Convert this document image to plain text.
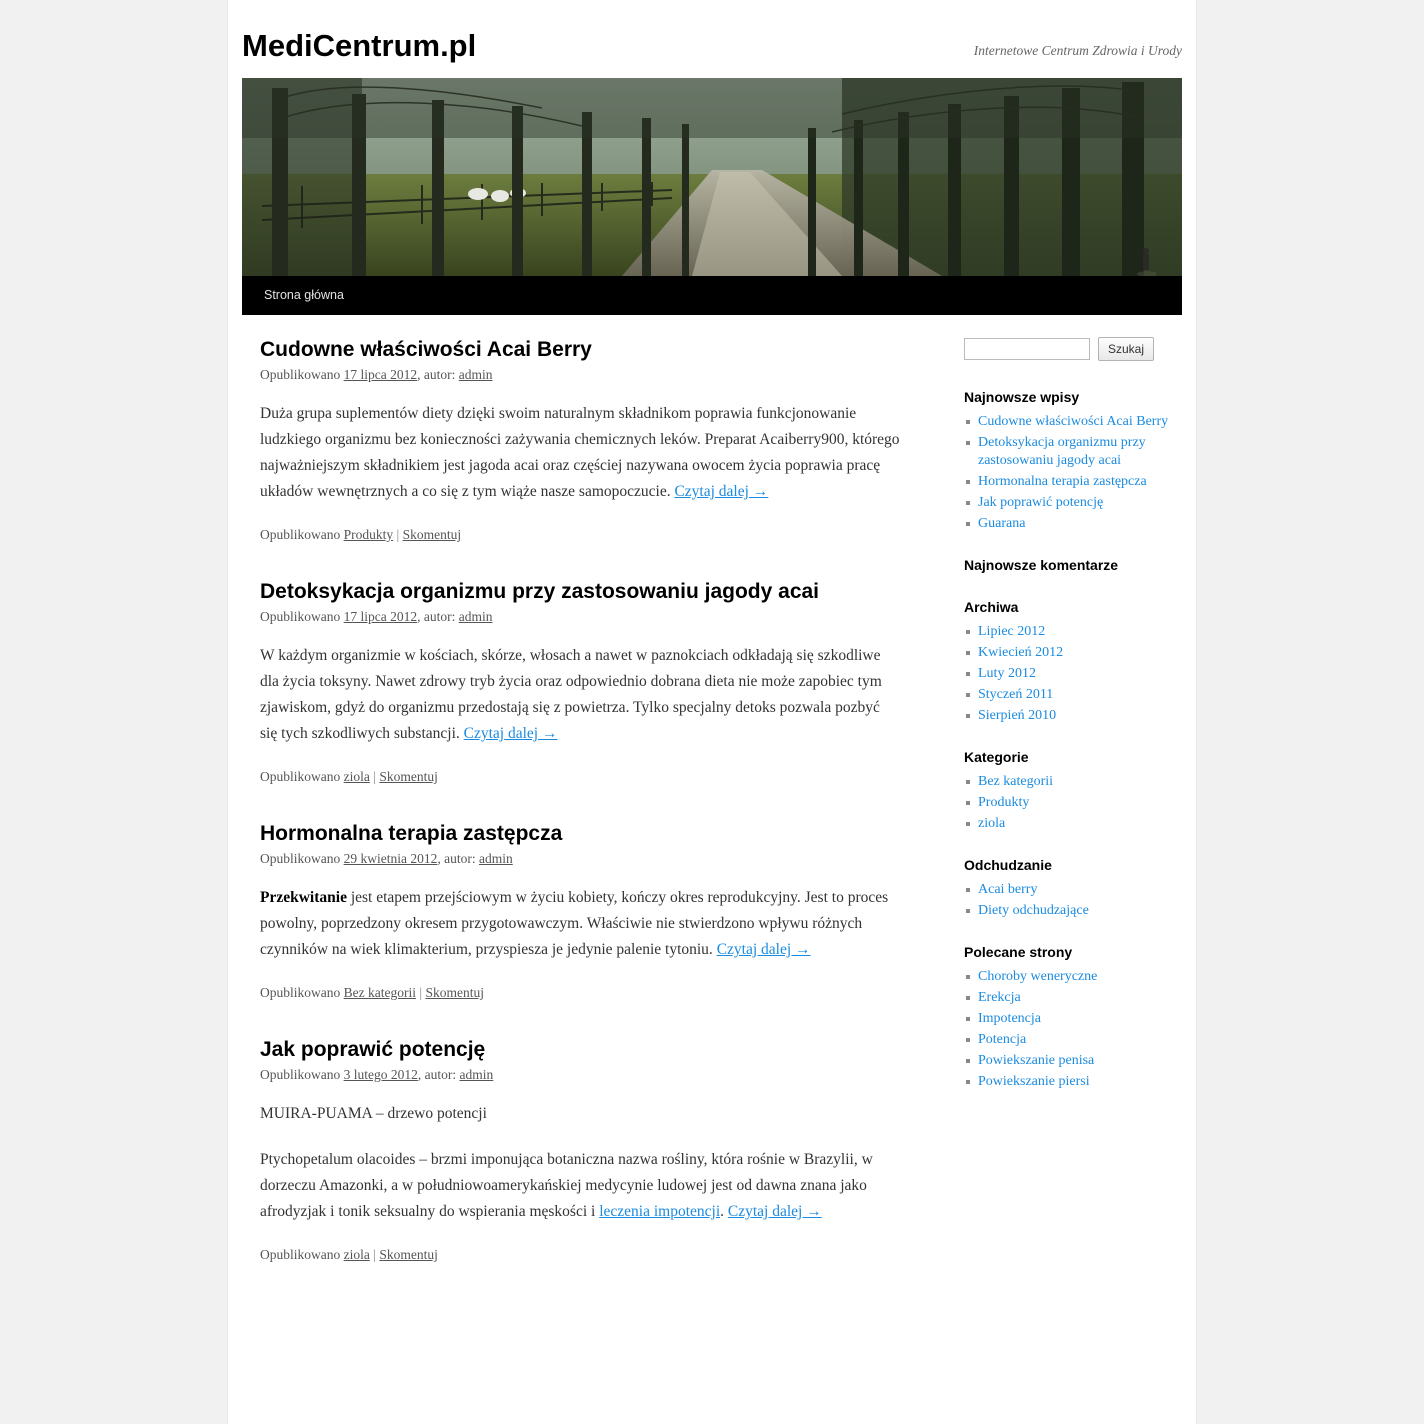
MediCentrum.pl	Internetowe Centrum Zdrowia i Urody
Strona główna
Cudowne właściwości Acai Berry
Opublikowano 17 lipca 2012, autor: admin

Duża grupa suplementów diety dzięki swoim naturalnym składnikom poprawia funkcjonowanie ludzkiego organizmu bez konieczności zażywania chemicznych leków. Preparat Acaiberry900, którego najważniejszym składnikiem jest jagoda acai oraz częściej nazywana owocem życia poprawia pracę układów wewnętrznych a co się z tym wiąże nasze samopoczucie. Czytaj dalej →

Opublikowano Produkty | Skomentuj
Detoksykacja organizmu przy zastosowaniu jagody acai
Opublikowano 17 lipca 2012, autor: admin

W każdym organizmie w kościach, skórze, włosach a nawet w paznokciach odkładają się szkodliwe dla życia toksyny. Nawet zdrowy tryb życia oraz odpowiednio dobrana dieta nie może zapobiec tym zjawiskom, gdyż do organizmu przedostają się z powietrza. Tylko specjalny detoks pozwala pozbyć się tych szkodliwych substancji. Czytaj dalej →

Opublikowano ziola | Skomentuj
Hormonalna terapia zastępcza
Opublikowano 29 kwietnia 2012, autor: admin

Przekwitanie jest etapem przejściowym w życiu kobiety, kończy okres reprodukcyjny. Jest to proces powolny, poprzedzony okresem przygotowawczym. Właściwie nie stwierdzono wpływu różnych czynników na wiek klimakterium, przyspiesza je jedynie palenie tytoniu. Czytaj dalej →

Opublikowano Bez kategorii | Skomentuj
Jak poprawić potencję
Opublikowano 3 lutego 2012, autor: admin

MUIRA-PUAMA – drzewo potencji

Ptychopetalum olacoides – brzmi imponująca botaniczna nazwa rośliny, która rośnie w Brazylii, w dorzeczu Amazonki, a w południowoamerykańskiej medycynie ludowej jest od dawna znana jako afrodyzjak i tonik seksualny do wspierania męskości i leczenia impotencji. Czytaj dalej →

Opublikowano ziola | Skomentuj
Szukaj
Najnowsze wpisy
Cudowne właściwości Acai Berry
Detoksykacja organizmu przy zastosowaniu jagody acai
Hormonalna terapia zastępcza
Jak poprawić potencję
Guarana
Najnowsze komentarze
Archiwa
Lipiec 2012
Kwiecień 2012
Luty 2012
Styczeń 2011
Sierpień 2010
Kategorie
Bez kategorii
Produkty
ziola
Odchudzanie
Acai berry
Diety odchudzające
Polecane strony
Choroby weneryczne
Erekcja
Impotencja
Potencja
Powiekszanie penisa
Powiekszanie piersi
